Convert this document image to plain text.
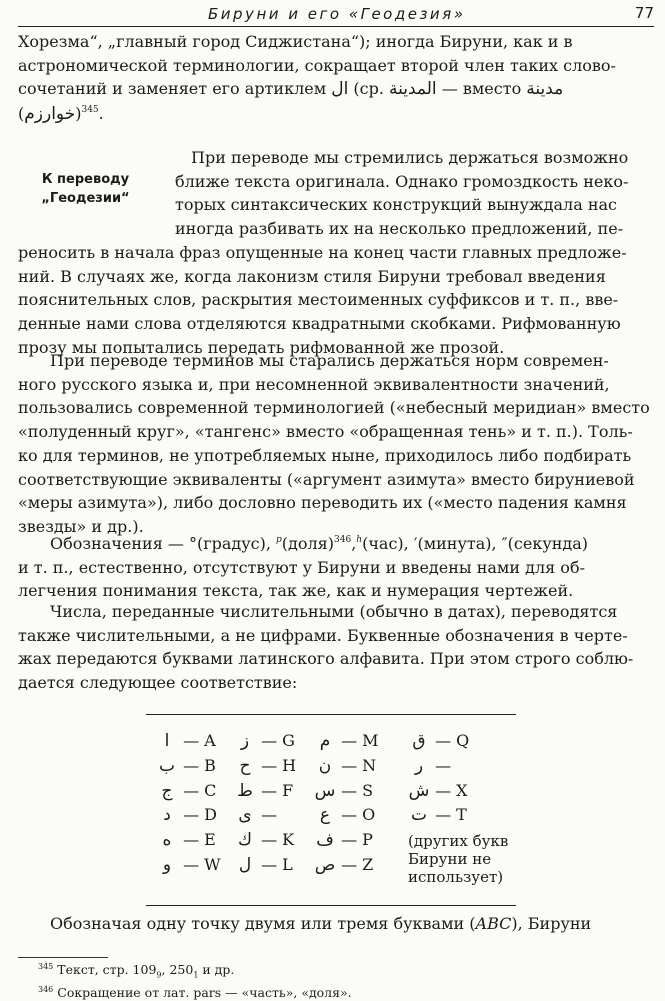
Бируни и его «Геодезия»	77

Хорезма“, „главный город Сиджистана“); иногда Бируни, как и в

астрономической терминологии, сокращает второй член таких слово-

сочетаний и заменяет его артиклем ال (ср. المدينة — вместо مدينة

(خوارزم)$^{345}$.

К переводу
„Геодезии“

При переводе мы стремились держаться возможно

ближе текста оригинала. Однако громоздкость неко-

торых синтаксических конструкций вынуждала нас

иногда разбивать их на несколько предложений, пе-

реносить в начала фраз опущенные на конец части главных предложе-

ний. В случаях же, когда лаконизм стиля Бируни требовал введения

пояснительных слов, раскрытия местоименных суффиксов и т. п., вве-

денные нами слова отделяются квадратными скобками. Рифмованную

прозу мы попытались передать рифмованной же прозой.

При переводе терминов мы старались держаться норм современ-

ного русского языка и, при несомненной эквивалентности значений,

пользовались современной терминологией («небесный меридиан» вместо

«полуденный круг», «тангенс» вместо «обращенная тень» и т. п.). Толь-

ко для терминов, не употребляемых ныне, приходилось либо подбирать

соответствующие эквиваленты («аргумент азимута» вместо бируниевой

«меры азимута»), либо дословно переводить их («место падения камня

звезды» и др.).

Обозначения — °(градус), $^p$(доля)$^{346}$,$^h$(час), ′(минута), ″(секунда)

и т. п., естественно, отсутствуют у Бируни и введены нами для об-

легчения понимания текста, так же, как и нумерация чертежей.

Числа, переданные числительными (обычно в датах), переводятся

также числительными, а не цифрами. Буквенные обозначения в черте-

жах передаются буквами латинского алфавита. При этом строго соблю-

дается следующее соответствие:

ا — A
ب — B
ج — C
د — D
ه — E
و — W
ز — G
ح — H
ط — F
ى —
ك — K
ل — L
م — M
ن — N
س — S
ع — O
ف — P
ص — Z
ق — Q
ر —
ش — X
ت — T
(других букв
Бируни не
использует)

Обозначая одну точку двумя или тремя буквами (ABC), Бируни

$^{345}$ Текст, стр. $109_9$, $250_1$ и др.
$^{346}$ Сокращение от лат. pars — «часть», «доля».
